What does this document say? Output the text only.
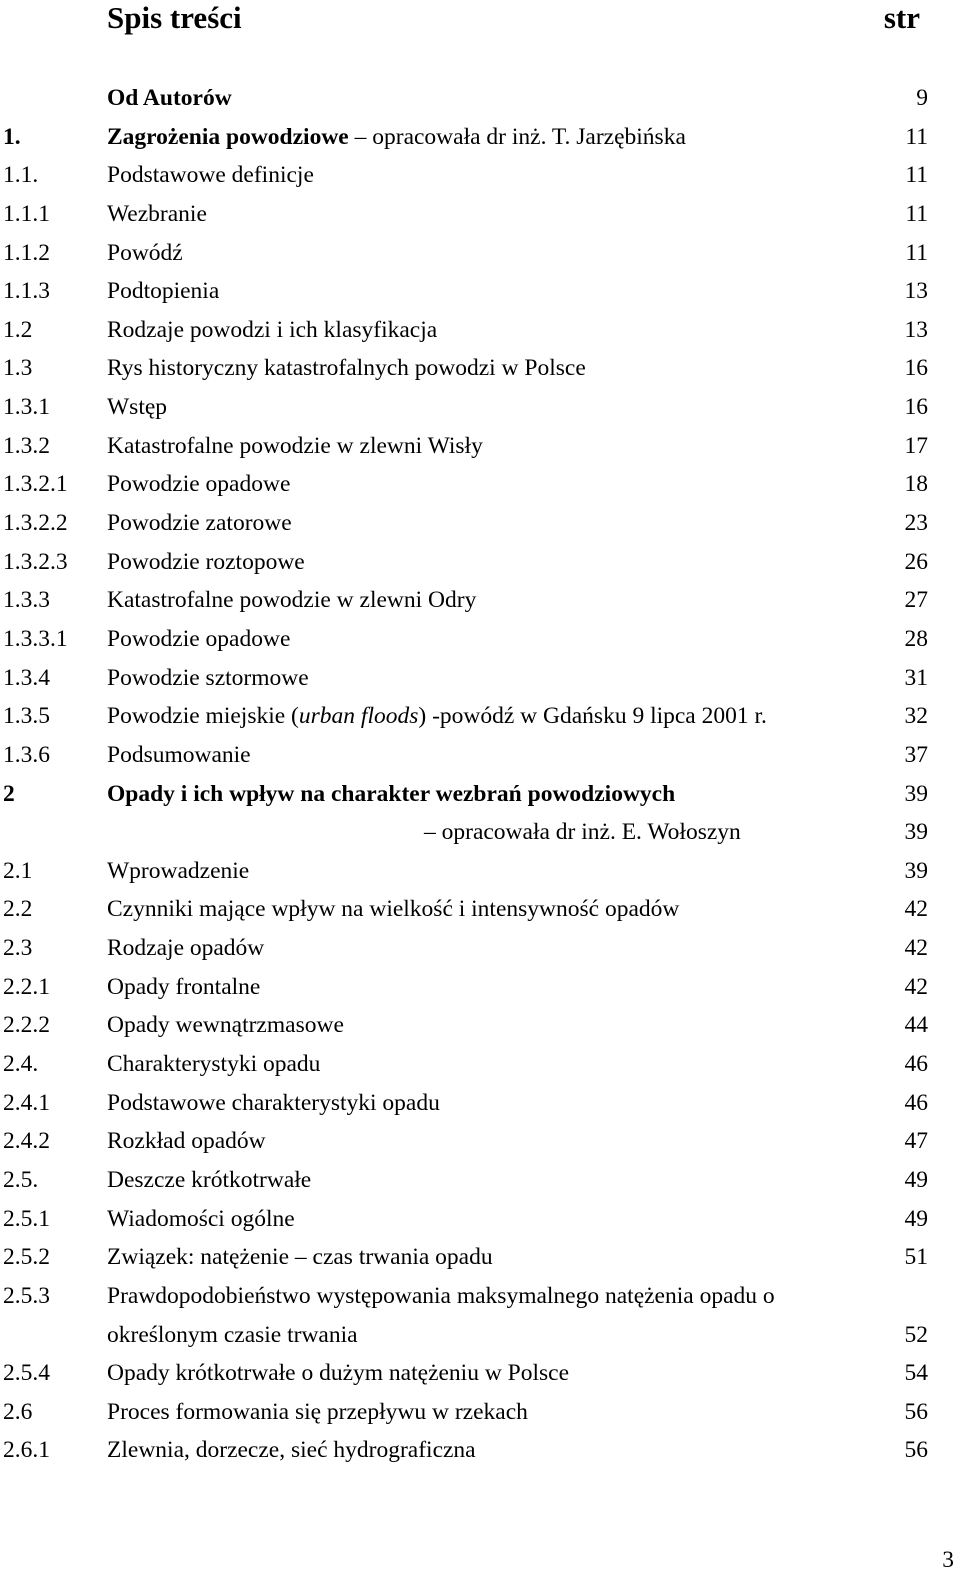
Spis treści	str
Od Autorów	9
1.	Zagrożenia powodziowe – opracowała dr inż. T. Jarzębińska	11
1.1.	Podstawowe definicje	11
1.1.1 Wezbranie	11
1.1.2 Powódź	11
1.1.3 Podtopienia	13
1.2	Rodzaje powodzi i ich klasyfikacja	13
1.3	Rys historyczny katastrofalnych powodzi w Polsce	16
1.3.1 Wstęp	16
1.3.2 Katastrofalne powodzie w zlewni Wisły	17
1.3.2.1 Powodzie opadowe	18
1.3.2.2 Powodzie zatorowe	23
1.3.2.3 Powodzie roztopowe	26
1.3.3 Katastrofalne powodzie w zlewni Odry	27
1.3.3.1 Powodzie opadowe	28
1.3.4 Powodzie sztormowe	31
1.3.5 Powodzie miejskie (urban floods) -powódź w Gdańsku 9 lipca 2001 r.	32
1.3.6 Podsumowanie	37
2	Opady i ich wpływ na charakter wezbrań powodziowych	39
– opracowała dr inż. E. Wołoszyn	39
2.1	Wprowadzenie	39
2.2	Czynniki mające wpływ na wielkość i intensywność opadów	42
2.3	Rodzaje opadów	42
2.2.1 Opady frontalne	42
2.2.2 Opady wewnątrzmasowe	44
2.4.	Charakterystyki opadu	46
2.4.1 Podstawowe charakterystyki opadu	46
2.4.2 Rozkład opadów	47
2.5.	Deszcze krótkotrwałe	49
2.5.1 Wiadomości ogólne	49
2.5.2 Związek: natężenie – czas trwania opadu	51
2.5.3 Prawdopodobieństwo występowania maksymalnego natężenia opadu o
określonym czasie trwania	52
2.5.4 Opady krótkotrwałe o dużym natężeniu w Polsce	54
2.6	Proces formowania się przepływu w rzekach	56
2.6.1 Zlewnia, dorzecze, sieć hydrograficzna	56
3
